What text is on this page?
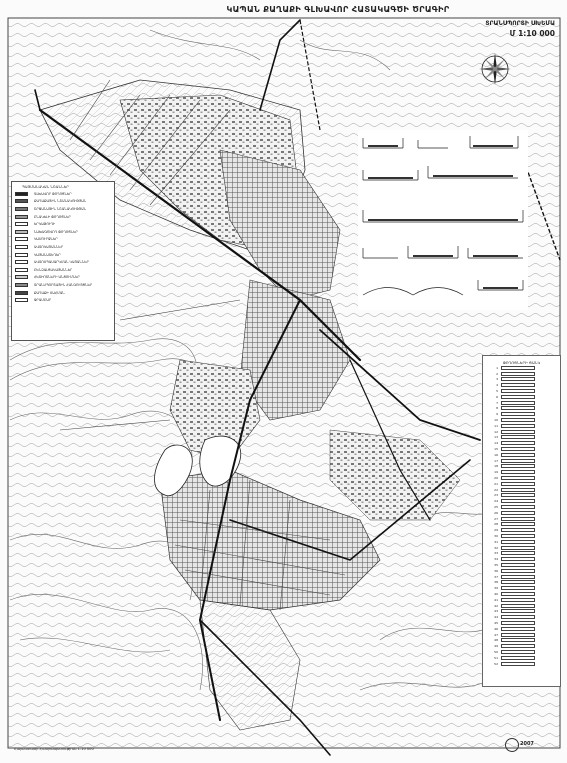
ԿԱՊԱՆ ՔԱՂԱՔԻ ԳԼԽԱՎՈՐ ՀԱՏԱԿԱԳԾԻ ԾՐԱԳԻՐ
ՏՐԱՆՍՊՈՐՏԻ ՍԽԵՄԱ
Մ 1:10 000
ՊԱՅՄԱՆԱԿԱՆ ՆՇԱՆՆԵՐ
ԳԼԽԱՎՈՐ ՓՈՂՈՑՆԵՐ
ՔԱՂԱՔԱՅԻՆ ՆՇԱՆԱԿՈՒԹՅԱՆ
ՇՐՋԱՆԱՅԻՆ ՆՇԱՆԱԿՈՒԹՅԱՆ
ԲՆԱԿԵԼԻ ՓՈՂՈՑՆԵՐ
ԵՐԿԱԹՈՒՂԻ
ՆԱԽԱԳԾՎՈՂ ՓՈՂՈՑՆԵՐ
ԿԱՄՈՒՐՋՆԵՐ
ԱՎՏՈԿԱՅԱՆՆԵՐ
ԿԱՅԱՆԱՏԵՂԵՐ
ԱՎՏՈՍՊԱՍԱՐԿՄԱՆ ԿԱՅԱՆՆԵՐ
ԲԵՆԶԱԼՑԱԿԱՅԱՆՆԵՐ
ՀԵՏԻՈՏՆԵՐԻ ԱՆՑՈՒՄՆԵՐ
ՏՐԱՆՍՊՈՐՏԱՅԻՆ ՀԱՆԳՈՒՅՑՆԵՐ
ՔԱՂԱՔԻ ՍԱՀՄԱՆ
ՋՐԱՄԲԱՐ
ՓՈՂՈՑՆԵՐԻ ՑԱՆԿ
1
2
3
4
5
6
7
8
9
10
11
12
13
14
15
16
17
18
19
20
21
22
23
24
25
26
27
28
29
30
31
32
33
34
35
36
37
38
39
40
41
42
43
44
45
46
47
48
49
50
51
52
Հայաստանի Հանրապետություն 1:10 000
2007
